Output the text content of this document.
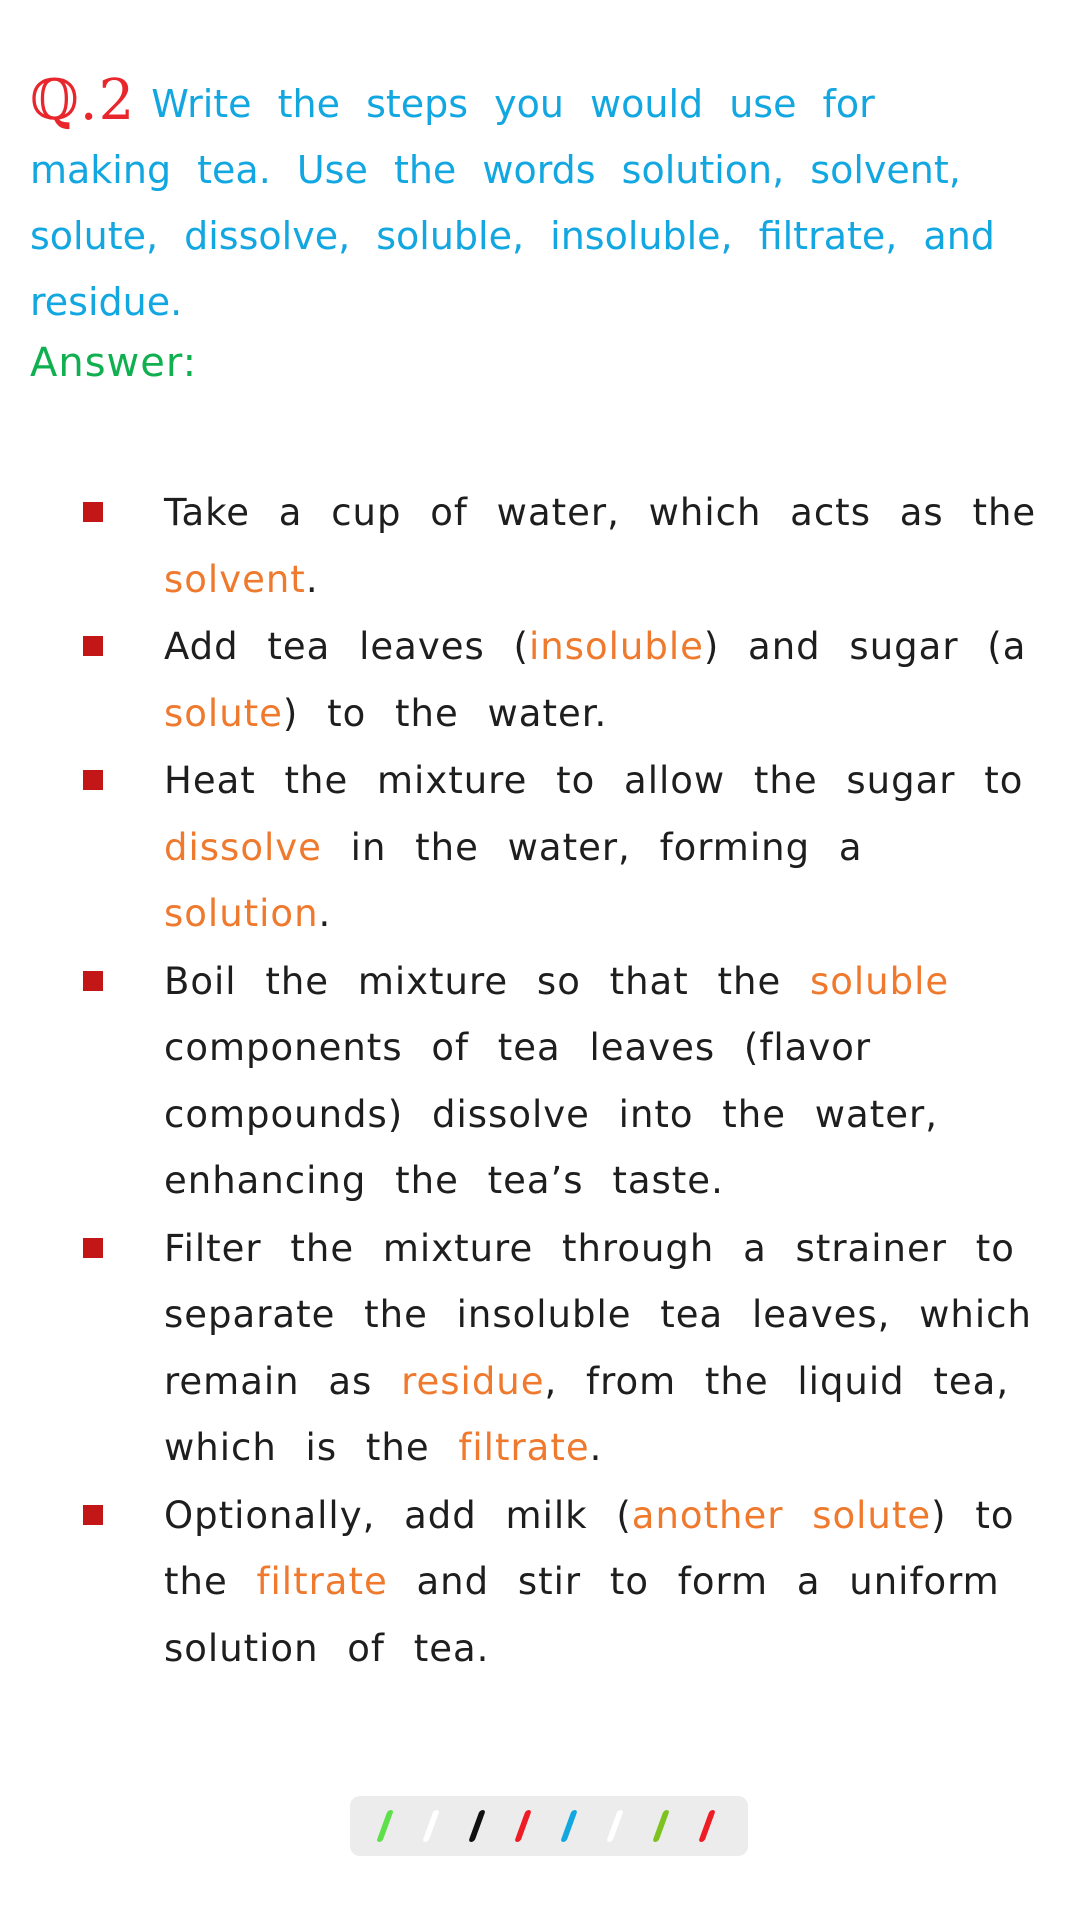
ℚ.2 Write the steps you would use for making tea. Use the words solution, solvent, solute, dissolve, soluble, insoluble, filtrate, and residue.
Answer:
Take a cup of water, which acts as the solvent.
Add tea leaves (insoluble) and sugar (a solute) to the water.
Heat the mixture to allow the sugar to dissolve in the water, forming a solution.
Boil the mixture so that the soluble components of tea leaves (flavor compounds) dissolve into the water, enhancing the tea’s taste.
Filter the mixture through a strainer to separate the insoluble tea leaves, which remain as residue, from the liquid tea, which is the filtrate.
Optionally, add milk (another solute) to the filtrate and stir to form a uniform solution of tea.
